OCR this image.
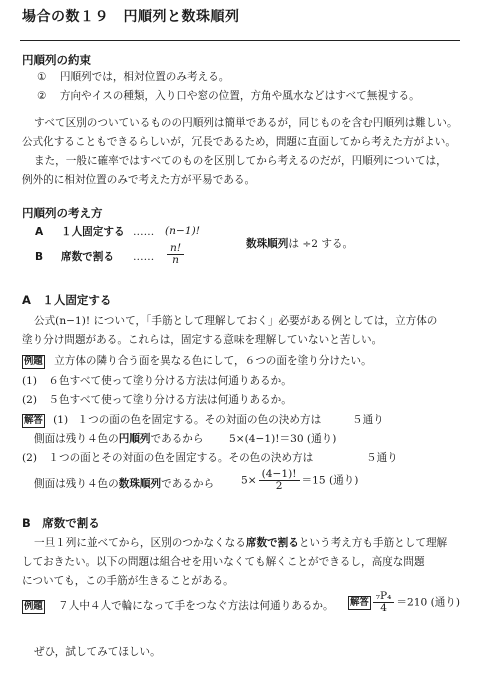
場合の数１９　円順列と数珠順列
円順列の約束
① 円順列では，相対位置のみ考える。
② 方向やイスの種類，入り口や窓の位置，方角や風水などはすべて無視する。
すべて区別のついているものの円順列は簡単であるが，同じものを含む円順列は難しい。
公式化することもできるらしいが，冗長であるため，問題に直面してから考えた方がよい。
また，一般に確率ではすべてのものを区別してから考えるのだが，円順列については，
例外的に相対位置のみで考えた方が平易である。
円順列の考え方
A １人固定する …… (n−1)!
B 席数で割る …… $\frac{n!}{n}$	数珠順列は ÷2 する。
A　１人固定する
公式(n−1)! について，「手筋として理解しておく」必要がある例としては，立方体の
塗り分け問題がある。これらは，固定する意味を理解していないと苦しい。
例題 立方体の隣り合う面を異なる色にして，６つの面を塗り分けたい。
(1) ６色すべて使って塗り分ける方法は何通りあるか。
(2) ５色すべて使って塗り分ける方法は何通りあるか。
解答 (1) １つの面の色を固定する。その対面の色の決め方は	５通り
側面は残り４色の円順列であるから 5×(4−1)!＝30 (通り)
(2) １つの面とその対面の色を固定する。その色の決め方は	５通り
側面は残り４色の数珠順列であるから	$5\times \frac{(4-1)!}{2} =15$ (通り)
B　席数で割る
一旦１列に並べてから，区別のつかなくなる席数で割るという考え方も手筋として理解
しておきたい。以下の問題は組合せを用いなくても解くことができるし，高度な問題
についても，この手筋が生きることがある。
例題 ７人中４人で輪になって手をつなぐ方法は何通りあるか。 解答 $\frac{\text{₇P₄}}{4} =210$ (通り)
ぜひ，試してみてほしい。
